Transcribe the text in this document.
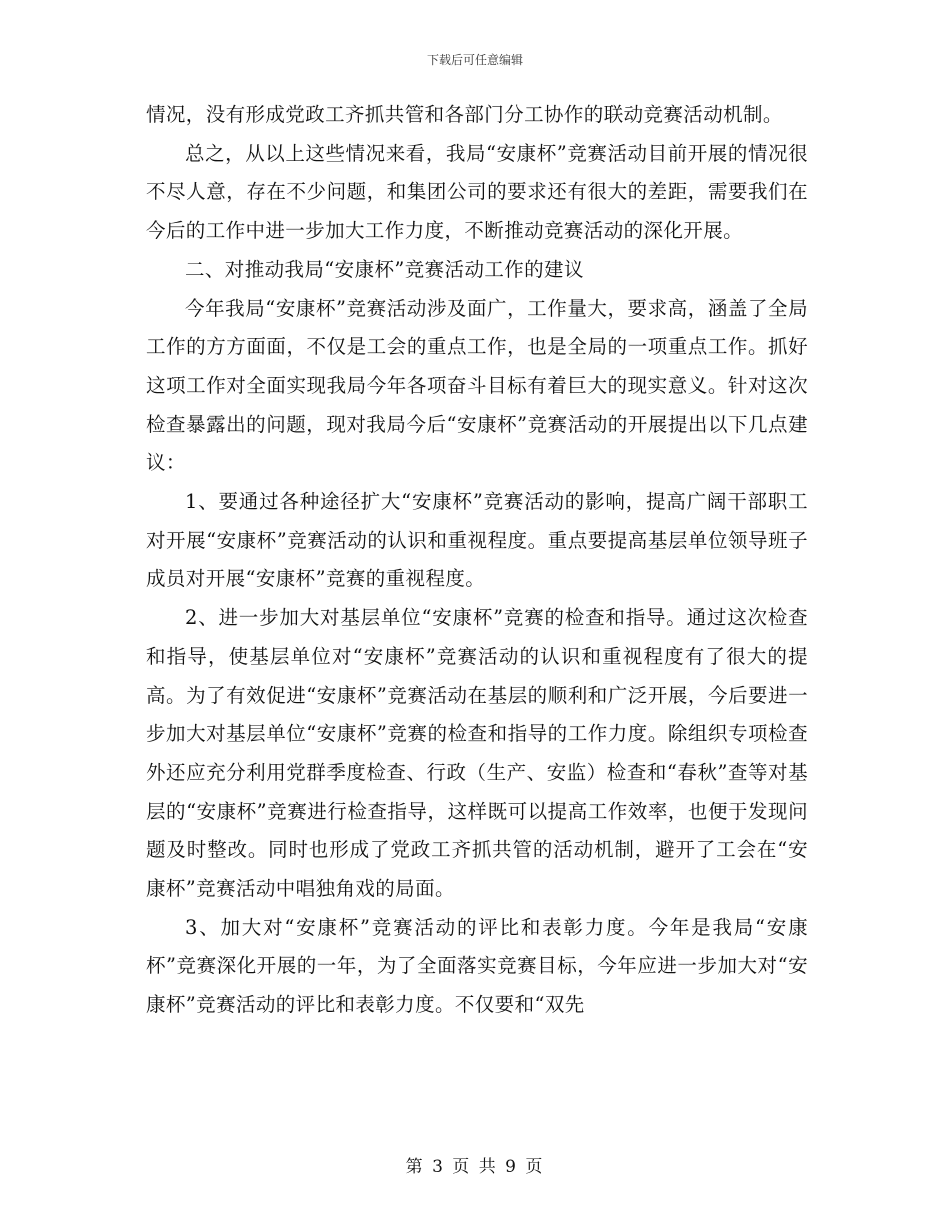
下载后可任意编辑

情况，没有形成党政工齐抓共管和各部门分工协作的联动竞赛活动机制。

总之，从以上这些情况来看，我局“安康杯”竞赛活动目前开展的情况很不尽人意，存在不少问题，和集团公司的要求还有很大的差距，需要我们在今后的工作中进一步加大工作力度，不断推动竞赛活动的深化开展。

二、对推动我局“安康杯”竞赛活动工作的建议

今年我局“安康杯”竞赛活动涉及面广，工作量大，要求高，涵盖了全局工作的方方面面，不仅是工会的重点工作，也是全局的一项重点工作。抓好这项工作对全面实现我局今年各项奋斗目标有着巨大的现实意义。针对这次检查暴露出的问题，现对我局今后“安康杯”竞赛活动的开展提出以下几点建议：

1、要通过各种途径扩大“安康杯”竞赛活动的影响，提高广阔干部职工对开展“安康杯”竞赛活动的认识和重视程度。重点要提高基层单位领导班子成员对开展“安康杯”竞赛的重视程度。

2、进一步加大对基层单位“安康杯”竞赛的检查和指导。通过这次检查和指导，使基层单位对“安康杯”竞赛活动的认识和重视程度有了很大的提高。为了有效促进“安康杯”竞赛活动在基层的顺利和广泛开展，今后要进一步加大对基层单位“安康杯”竞赛的检查和指导的工作力度。除组织专项检查外还应充分利用党群季度检查、行政（生产、安监）检查和“春秋”查等对基层的“安康杯”竞赛进行检查指导，这样既可以提高工作效率，也便于发现问题及时整改。同时也形成了党政工齐抓共管的活动机制，避开了工会在“安康杯”竞赛活动中唱独角戏的局面。

3、加大对“安康杯”竞赛活动的评比和表彰力度。今年是我局“安康杯”竞赛深化开展的一年，为了全面落实竞赛目标，今年应进一步加大对“安康杯”竞赛活动的评比和表彰力度。不仅要和“双先

第 3 页 共 9 页
